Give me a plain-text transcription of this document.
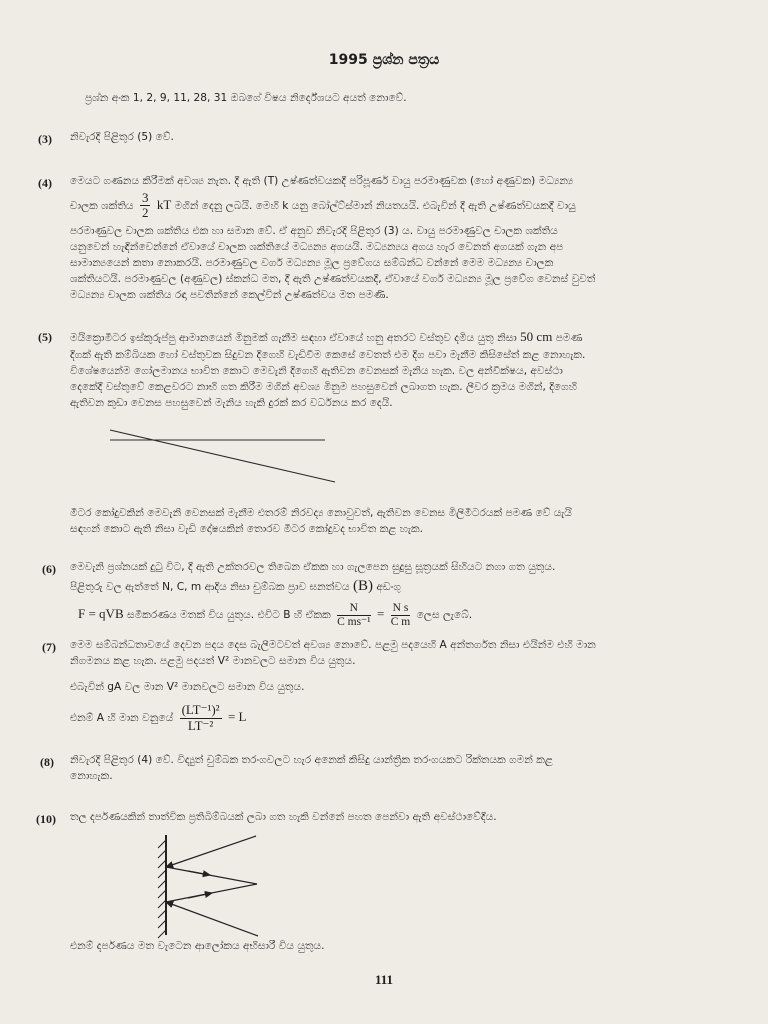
1995 ප්‍රශ්න පත්‍රය
ප්‍රශ්න අංක 1, 2, 9, 11, 28, 31 ඔබගේ විෂය නිර්දේශයට අයත් නොවේ.
(3) නිවැරදි පිළිතුර (5) වේ.
(4) මෙයට ගණනය කිරීමක් අවශ්‍ය නැත. දී ඇති (T) උෂ්ණත්වයකදී පරිපූර්ණ වායු පරමාණුවක (හෝ අණුවක) මධ්‍යන්‍ය
චාලක ශක්තිය $\frac{3}{2}$ kT මගින් දෙනු ලබයි. මෙහි k යනු බෝල්ට්ස්මාන් නියතයයි. එබැවින් දී ඇති උෂ්ණත්වයකදී වායු
පරමාණුවල චාලක ශක්තිය එක හා සමාන වේ. ඒ අනුව නිවැරදි පිළිතුර (3) ය. වායු පරමාණුවල චාලක ශක්තිය
යනුවෙන් හැඳින්වෙන්නේ ඒවායේ චාලක ශක්තියේ මධ්‍යන්‍ය අගයයි. මධ්‍යන්‍යය අගය හැර වෙනත් අගයක් ගැන අප
සාමාන්‍යයෙන් කතා නොකරයි. පරමාණුවල වර්ග මධ්‍යන්‍ය මූල ප්‍රවේගය සම්බන්ධ වන්නේ මෙම මධ්‍යන්‍ය චාලක
ශක්තියටයි. පරමාණුවල (අණුවල) ස්කන්ධ මත, දී ඇති උෂ්ණත්වයකදී, ඒවායේ වර්ග මධ්‍යන්‍ය මූල ප්‍රවේග වෙනස් වුවත්
මධ්‍යන්‍ය චාලක ශක්තිය රඳා පවතින්නේ කෙල්වින් උෂ්ණත්වය මත පමණි.
(5) මයික්‍රොමීටර ඉස්කුරුප්පු ආමානයෙන් මිනුමක් ගැනීම සඳහා ඒවායේ හනු අතරට වස්තුව දමිය යුතු නිසා 50 cm පමණ
දිගක් ඇති කම්බියක හෝ වස්තුවක සිදුවන දිගෙහි වැඩිවීම කෙසේ වෙතත් එම දිග පවා මැනීම කිසිසේත් කළ නොහැක.
විශේෂයෙන්ම ගෝලමානය භාවිත කොට මෙවැනි දිගෙහි ඇතිවන වෙනසක් මැනිය හැක. වල අන්වීක්ෂය, අවස්ථා
දෙකේදී වස්තුවේ කෙළවරට නාභි ගත කිරීම මගින් අවශ්‍ය මිනුම පහසුවෙන් ලබාගත හැක. ලීවර ක්‍රමය මගින්, දිගෙහි
ඇතිවන කුඩා වෙනස පහසුවෙන් මැනිය හැකි දුරක් කර වර්ධනය කර දෙයි.
මීටර කෝදුවකින් මෙවැනි වෙනසක් මැනීම එතරම් නිරවද්‍ය නොවුවත්, ඇතිවන වෙනස මිලිමීටරයක් පමණ වේ යැයි
සඳහන් කොට ඇති නිසා වැඩි දෝෂයකින් තොරව මීටර කෝදුවද භාවිත කළ හැක.
(6) මෙවැනි ප්‍රශ්නයක් දුටු විට, දී ඇති උක්තරවල තිබෙන ඒකක හා ගැලපෙන සුදුසු සූත්‍රයක් සිහියට නගා ගත යුතුය.
පිළිතුරු වල ඇත්තේ N, C, m ආදිය නිසා චුම්බක ප්‍රාව ඝනත්වය (B) අඩංගු
F = qVB සමීකරණය මතක් විය යුතුය. එවිට B හි ඒකක $\frac{N}{\text{C ms⁻¹}} = \frac{\text{N s}}{\text{C m}}$ ලෙස ලැබේ.
(7) මෙම සම්බන්ධතාවයේ දෙවන පදය දෙස බැලීමටවත් අවශ්‍ය නොවේ. පළමු පදයෙහි A අන්තර්ගත නිසා එයින්ම එහි මාන
නිගමනය කළ හැක. පළමු පදයත් V² මානවලට සමාන විය යුතුය.
එබැවින් gA වල මාන V² මානවලට සමාන විය යුතුය.
එනම් A හි මාන වනුයේ $\frac{\text{(LT⁻¹)²}}{\text{LT⁻²}} = L$
(8) නිවැරදි පිළිතුර (4) වේ. විද්‍යුත් චුම්බක තරංගවලට හැර අනෙක් කිසිදු යාන්ත්‍රික තරංගයකට රික්තයක ගමන් කළ
නොහැක.
(10) තල දර්පණයකින් තාත්වික ප්‍රතිබිම්බයක් ලබා ගත හැකි වන්නේ පහත පෙන්වා ඇති අවස්ථාවේදීය.
එනම් දර්පණය මත වැටෙන ආලෝකය අභිසාරී විය යුතුය.
111
